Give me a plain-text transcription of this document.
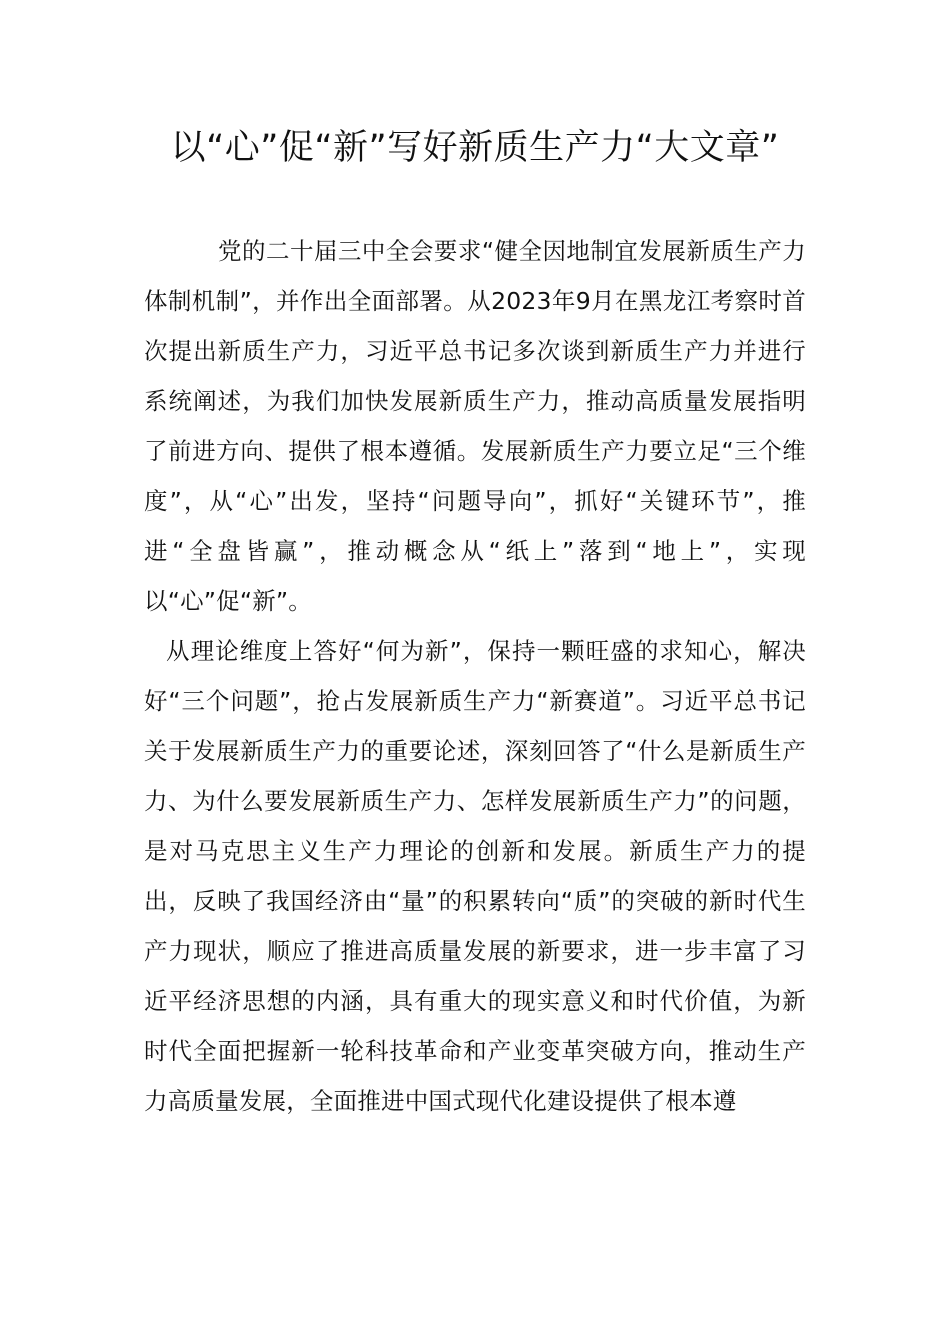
以“心”促“新”写好新质生产力“大文章”

党的二十届三中全会要求“健全因地制宜发展新质生产力体制机制”，并作出全面部署。从2023年9月在黑龙江考察时首次提出新质生产力，习近平总书记多次谈到新质生产力并进行系统阐述，为我们加快发展新质生产力，推动高质量发展指明了前进方向、提供了根本遵循。发展新质生产力要立足“三个维度”，从“心”出发，坚持“问题导向”，抓好“关键环节”，推进“全盘皆赢”，推动概念从“纸上”落到“地上”，实现以“心”促“新”。

从理论维度上答好“何为新”，保持一颗旺盛的求知心，解决好“三个问题”，抢占发展新质生产力“新赛道”。习近平总书记关于发展新质生产力的重要论述，深刻回答了“什么是新质生产力、为什么要发展新质生产力、怎样发展新质生产力”的问题，是对马克思主义生产力理论的创新和发展。新质生产力的提出，反映了我国经济由“量”的积累转向“质”的突破的新时代生产力现状，顺应了推进高质量发展的新要求，进一步丰富了习近平经济思想的内涵，具有重大的现实意义和时代价值，为新时代全面把握新一轮科技革命和产业变革突破方向，推动生产力高质量发展，全面推进中国式现代化建设提供了根本遵
